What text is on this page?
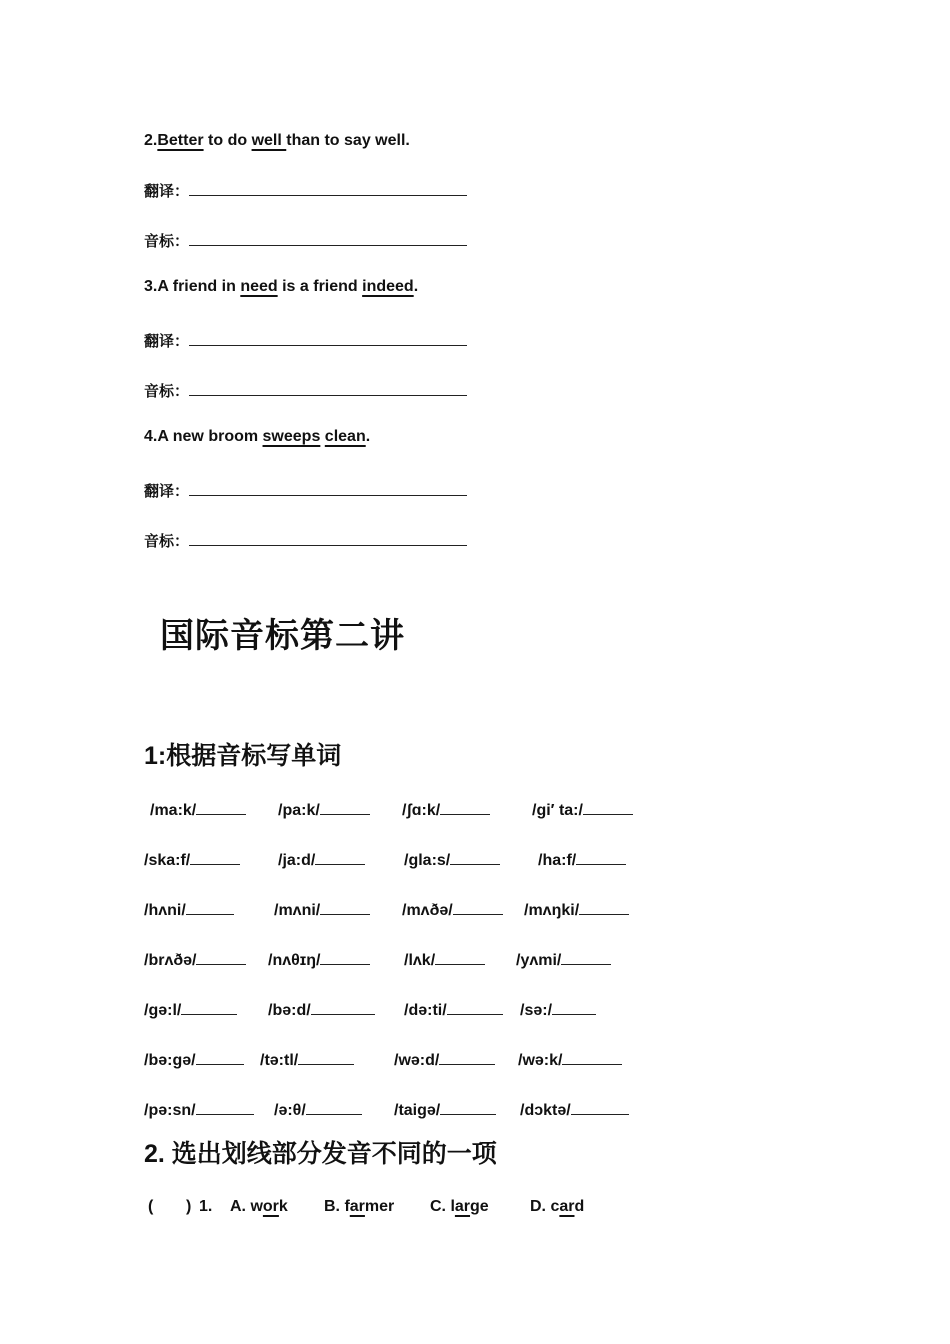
2.Better to do well than to say well.
翻译：
音标：
3.A friend in need is a friend indeed.
翻译：
音标：
4.A new broom sweeps clean.
翻译：
音标：
国际音标第二讲
1:根据音标写单词
/ma:k/	/pa:k/	/ʃɑ:k/	/gi′ ta:/
/ska:f/	/ja:d/	/gla:s/	/ha:f/
/hʌni/	/mʌni/	/mʌðə/	/mʌŋki/
/brʌðə/	/nʌθɪŋ/	/lʌk/	/yʌmi/
/gə:l/	/bə:d/	/də:ti/	/sə:/
/bə:gə/	/tə:tl/	/wə:d/	/wə:k/
/pə:sn/	/ə:θ/	/taigə/	/dɔktə/
2. 选出划线部分发音不同的一项
( ) 1. A. work B. farmer C. large	D. card
